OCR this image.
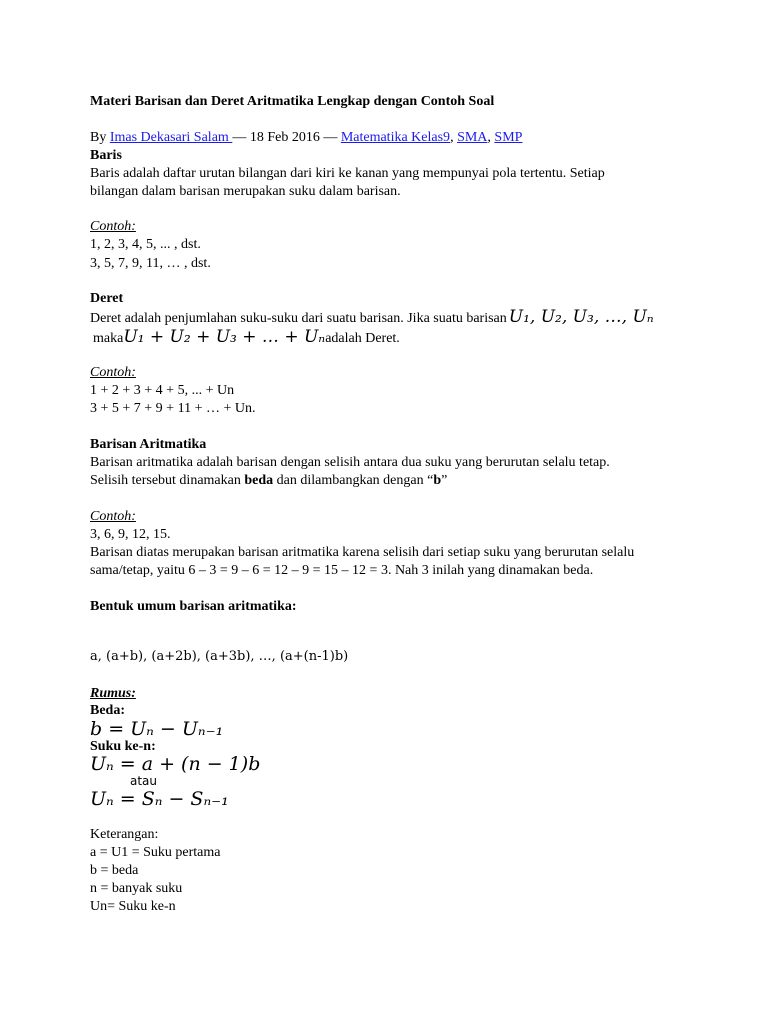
Materi Barisan dan Deret Aritmatika Lengkap dengan Contoh Soal
By Imas Dekasari Salam — 18 Feb 2016 — Matematika Kelas9, SMA, SMP
Baris
Baris adalah daftar urutan bilangan dari kiri ke kanan yang mempunyai pola tertentu. Setiap
bilangan dalam barisan merupakan suku dalam barisan.
Contoh:
1, 2, 3, 4, 5, ... , dst.
3, 5, 7, 9, 11, … , dst.
Deret
Deret adalah penjumlahan suku-suku dari suatu barisan. Jika suatu barisan U₁, U₂, U₃, …, Uₙ
makaU₁ + U₂ + U₃ + … + Uₙadalah Deret.
Contoh:
1 + 2 + 3 + 4 + 5, ... + Un
3 + 5 + 7 + 9 + 11 + … + Un.
Barisan Aritmatika
Barisan aritmatika adalah barisan dengan selisih antara dua suku yang berurutan selalu tetap.
Selisih tersebut dinamakan beda dan dilambangkan dengan “b”
Contoh:
3, 6, 9, 12, 15.
Barisan diatas merupakan barisan aritmatika karena selisih dari setiap suku yang berurutan selalu
sama/tetap, yaitu 6 – 3 = 9 – 6 = 12 – 9 = 15 – 12 = 3. Nah 3 inilah yang dinamakan beda.
Bentuk umum barisan aritmatika:
a, (a+b), (a+2b), (a+3b), …, (a+(n-1)b)
Rumus:
Beda:
b = Uₙ − Uₙ₋₁
Suku ke-n:
Uₙ = a + (n − 1)b
atau
Uₙ = Sₙ − Sₙ₋₁
Keterangan:
a = U1 = Suku pertama
b = beda
n = banyak suku
Un= Suku ke-n
